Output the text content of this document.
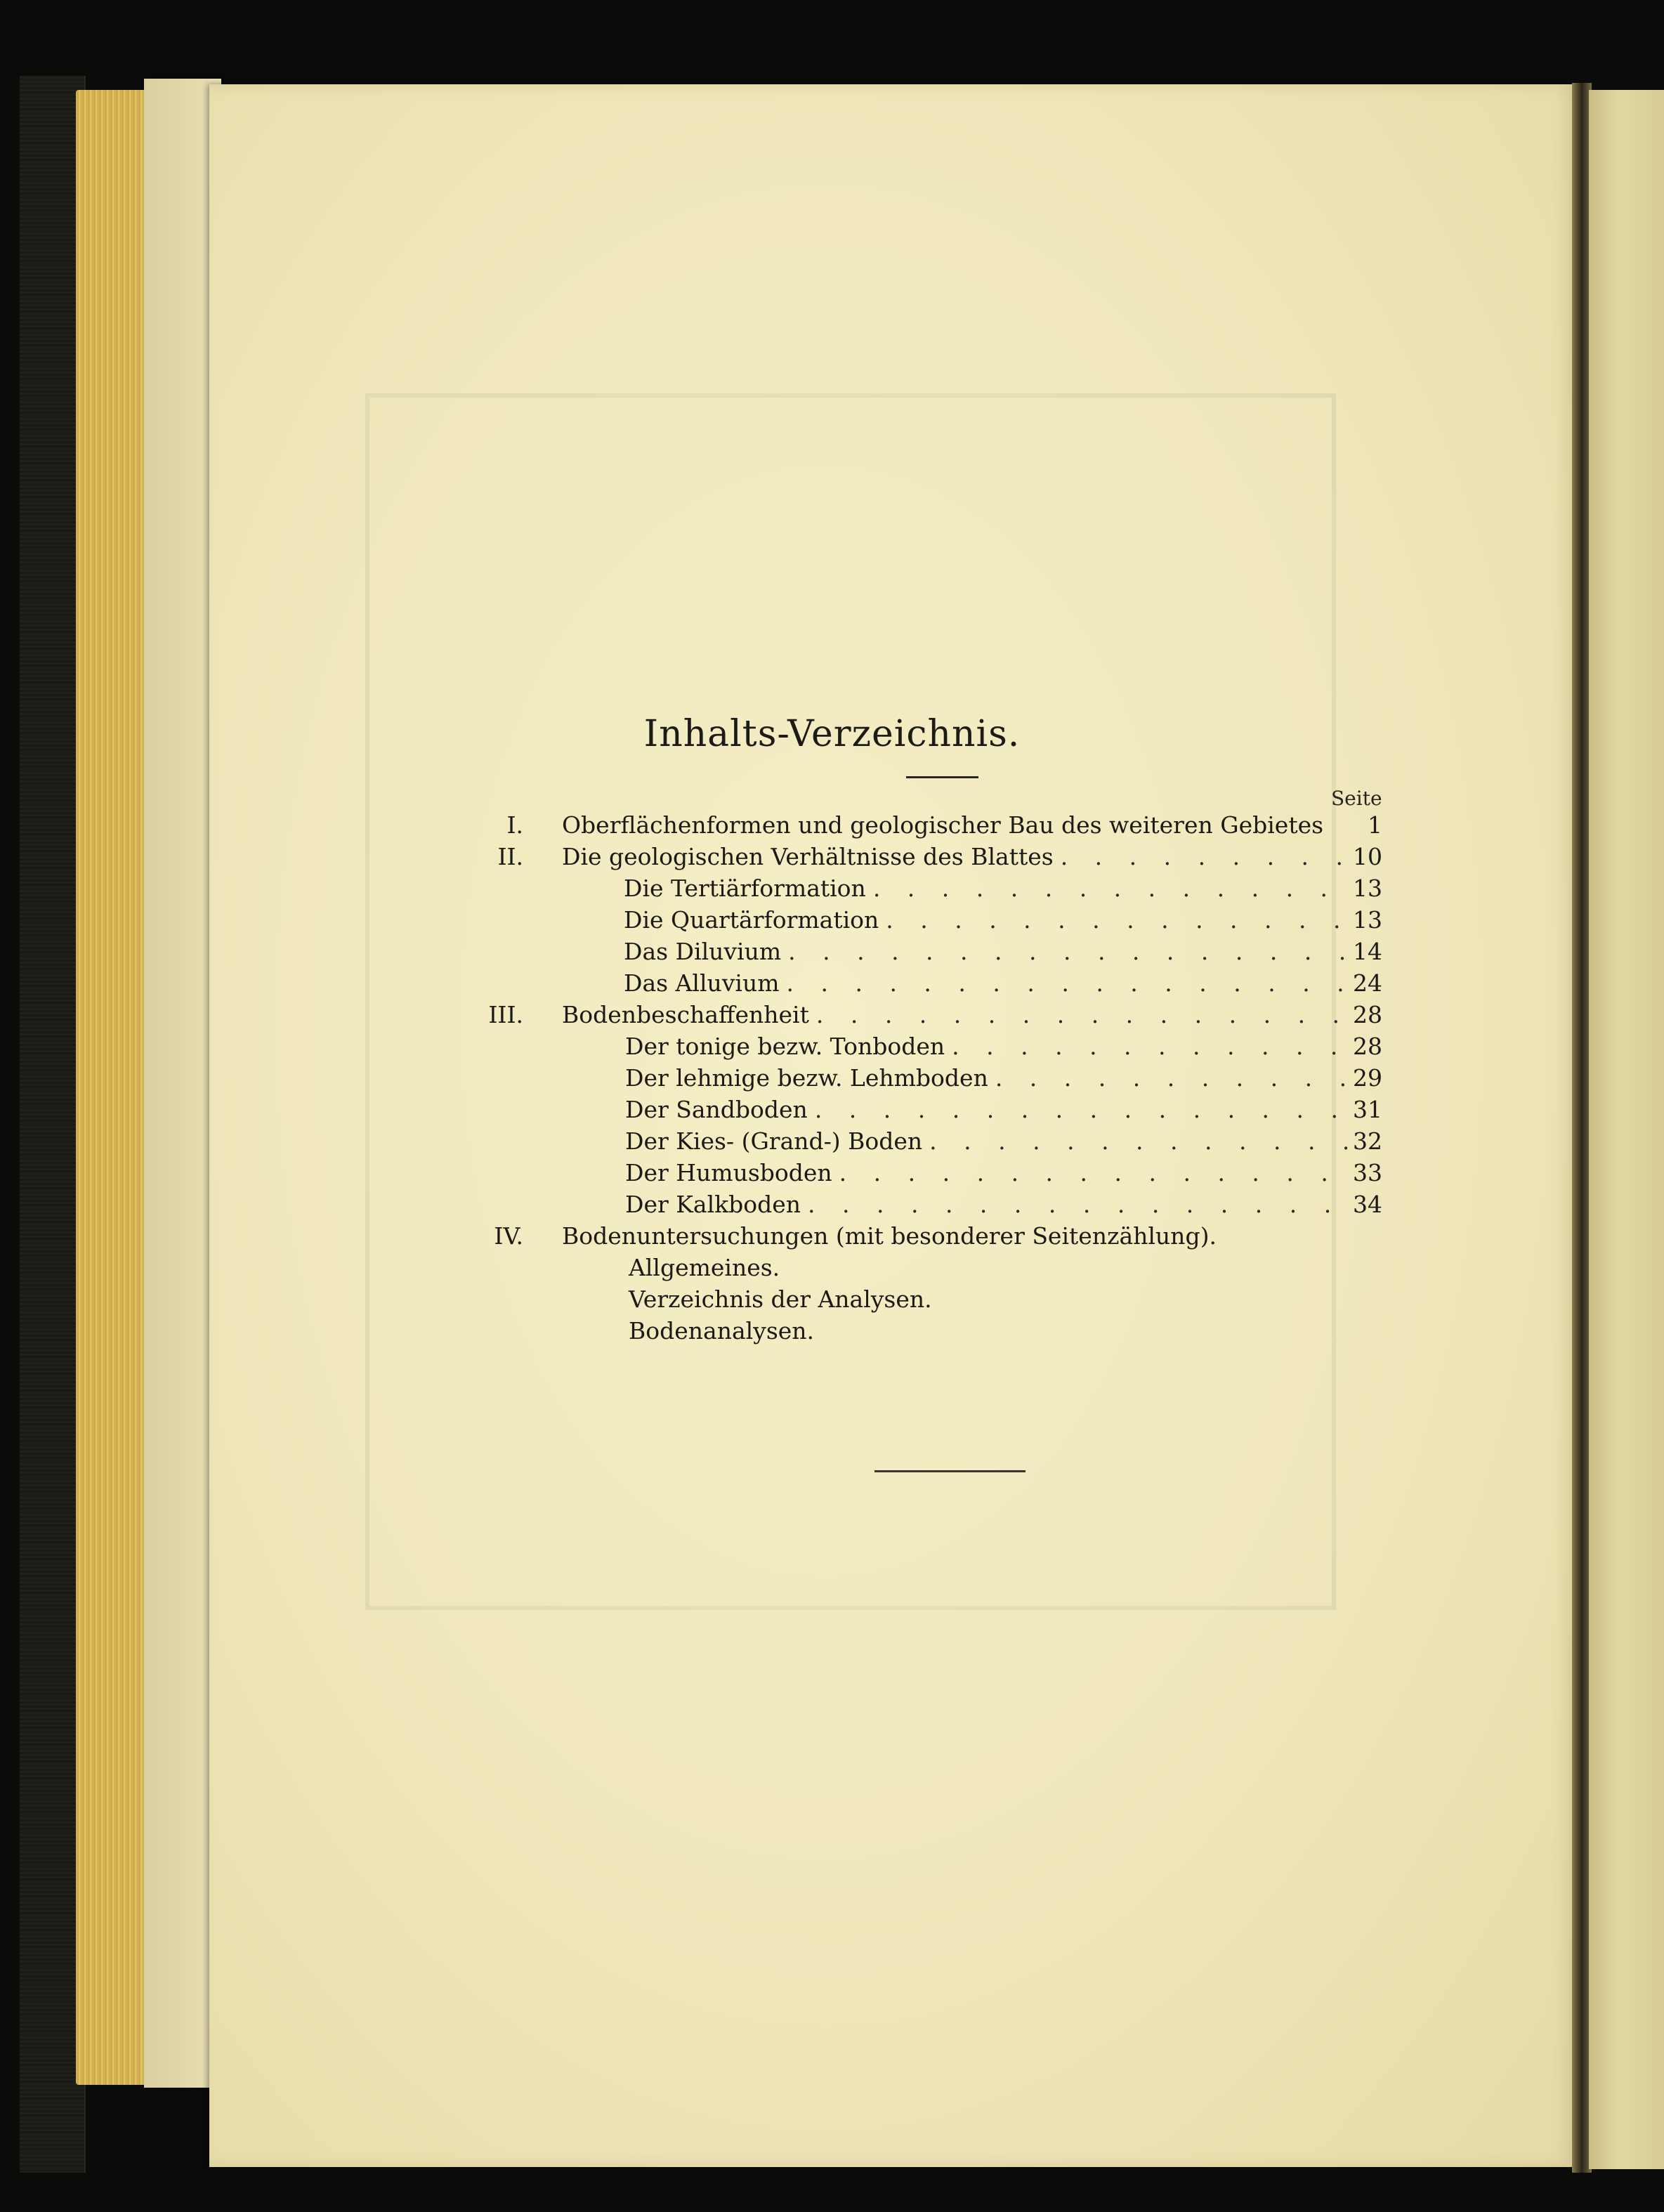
Inhalts-Verzeichnis.
Seite
I. Oberflächenformen und geologischer Bau des weiteren Gebietes 1
II. Die geologischen Verhältnisse des Blattes . . .	10
Die Tertiärformation . . .	13
Die Quartärformation . . .	13
Das Diluvium . . .	14
Das Alluvium . . .	24
III. Bodenbeschaffenheit . . .	28
Der tonige bezw. Tonboden . . .	28
Der lehmige bezw. Lehmboden . . .	29
Der Sandboden . . .	31
Der Kies- (Grand-) Boden . . .	32
Der Humusboden . . .	33
Der Kalkboden . . .	34
IV. Bodenuntersuchungen (mit besonderer Seitenzählung).
Allgemeines.
Verzeichnis der Analysen.
Bodenanalysen.
